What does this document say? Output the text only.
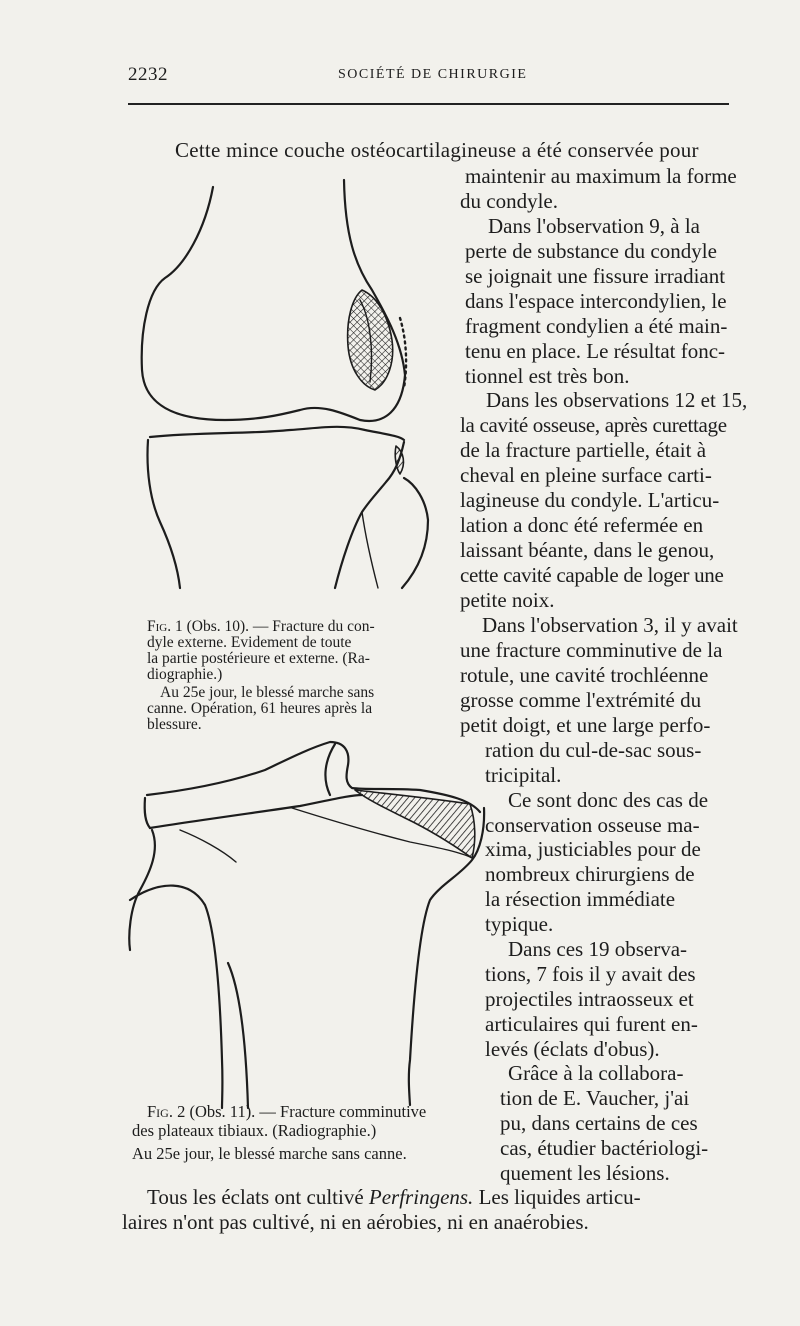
2232	SOCIÉTÉ DE CHIRURGIE
Cette mince couche ostéocartilagineuse a été conservée pour
maintenir au maximum la forme
du condyle.
Dans l'observation 9, à la
perte de substance du condyle
se joignait une fissure irradiant
dans l'espace intercondylien, le
fragment condylien a été main-
tenu en place. Le résultat fonc-
tionnel est très bon.
Dans les observations 12 et 15,
la cavité osseuse, après curettage
de la fracture partielle, était à
cheval en pleine surface carti-
lagineuse du condyle. L'articu-
lation a donc été refermée en
laissant béante, dans le genou,
cette cavité capable de loger une
petite noix.
Dans l'observation 3, il y avait
une fracture comminutive de la
rotule, une cavité trochléenne
grosse comme l'extrémité du
petit doigt, et une large perfo-
ration du cul-de-sac sous-
tricipital.
Ce sont donc des cas de
conservation osseuse ma-
xima, justiciables pour de
nombreux chirurgiens de
la résection immédiate
typique.
Dans ces 19 observa-
tions, 7 fois il y avait des
projectiles intraosseux et
articulaires qui furent en-
levés (éclats d'obus).
Grâce à la collabora-
tion de E. Vaucher, j'ai
pu, dans certains de ces
cas, étudier bactériologi-
quement les lésions.
Tous les éclats ont cultivé Perfringens. Les liquides articu-
laires n'ont pas cultivé, ni en aérobies, ni en anaérobies.
Fig. 1 (Obs. 10). — Fracture du con-
dyle externe. Evidement de toute
la partie postérieure et externe. (Ra-
diographie.)
Au 25e jour, le blessé marche sans
canne. Opération, 61 heures après la
blessure.
Fig. 2 (Obs. 11). — Fracture comminutive
des plateaux tibiaux. (Radiographie.)
Au 25e jour, le blessé marche sans canne.
